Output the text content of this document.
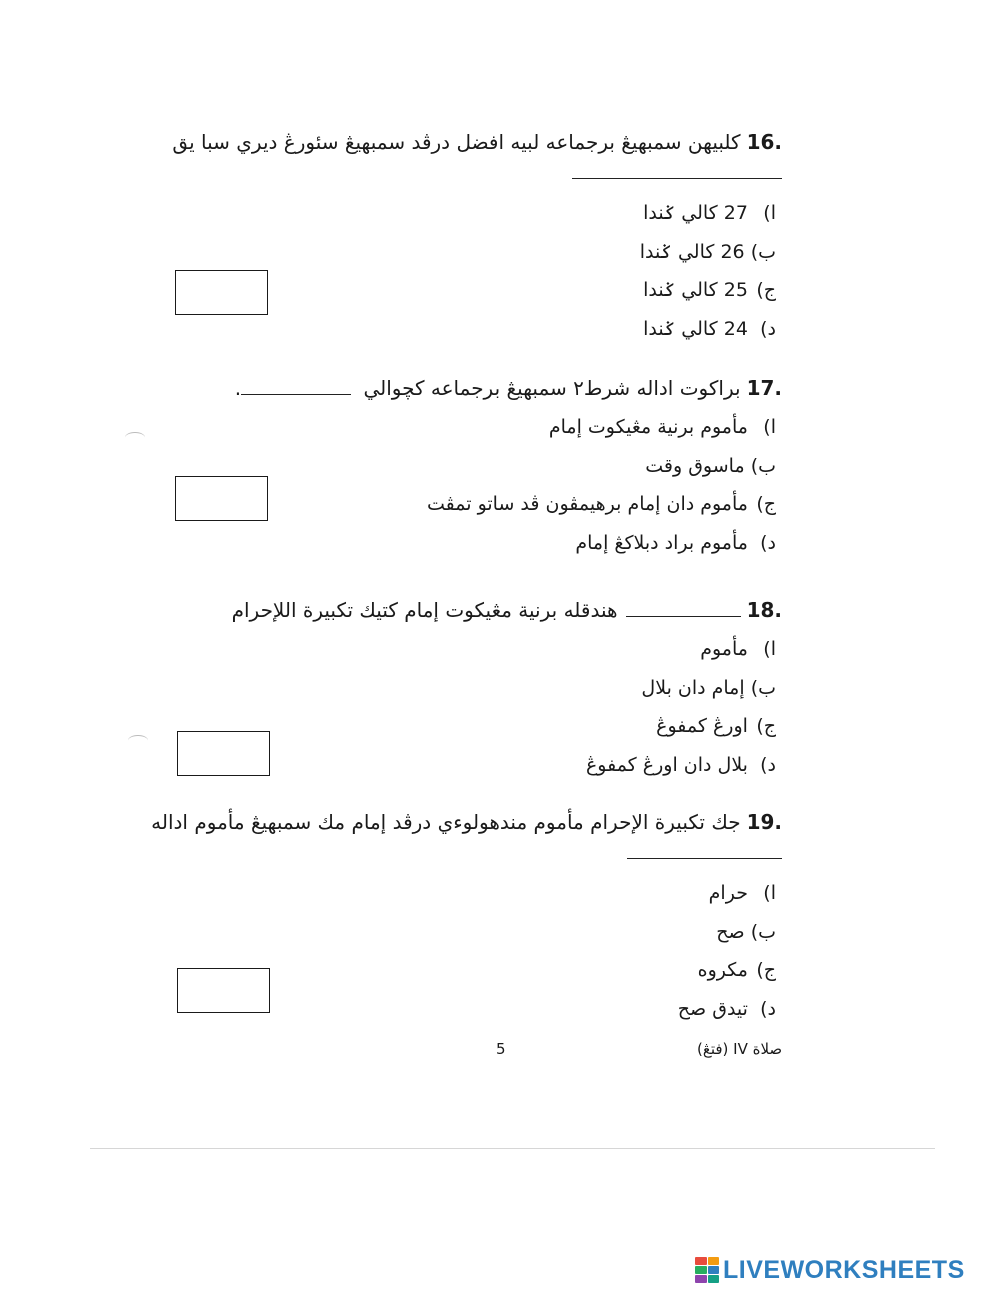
16.كلبيهن سمبهيڠ برجماعه لبيه افضل درڤد سمبهيڠ سئورڠ ديري سبا يق
ا) 27 كالي ݢندا
ب) 26 كالي ݢندا
ج) 25 كالي ݢندا
د) 24 كالي ݢندا
17.براكوت اداله شرط٢ سمبهيڠ برجماعه كچوالي .
ا) مأموم برنية مڠيكوت إمام
ب) ماسوق وقت
ج) مأموم دان إمام برهيمڤون ڤد ساتو تمڤت
د) مأموم براد دبلاكڠ إمام
18.هندقله برنية مڠيكوت إمام كتيك تكبيرة اللإحرام
ا) مأموم
ب) إمام دان بلال
ج) اورڠ كمفوڠ
د) بلال دان اورڠ كمفوڠ
19.جك تكبيرة الإحرام مأموم مندهولوءي درڤد إمام مك سمبهيڠ مأموم اداله
ا) حرام
ب) صح
ج) مكروه
د) تيدق صح
5	صلاة IV (فتڠ)
LIVEWORKSHEETS
